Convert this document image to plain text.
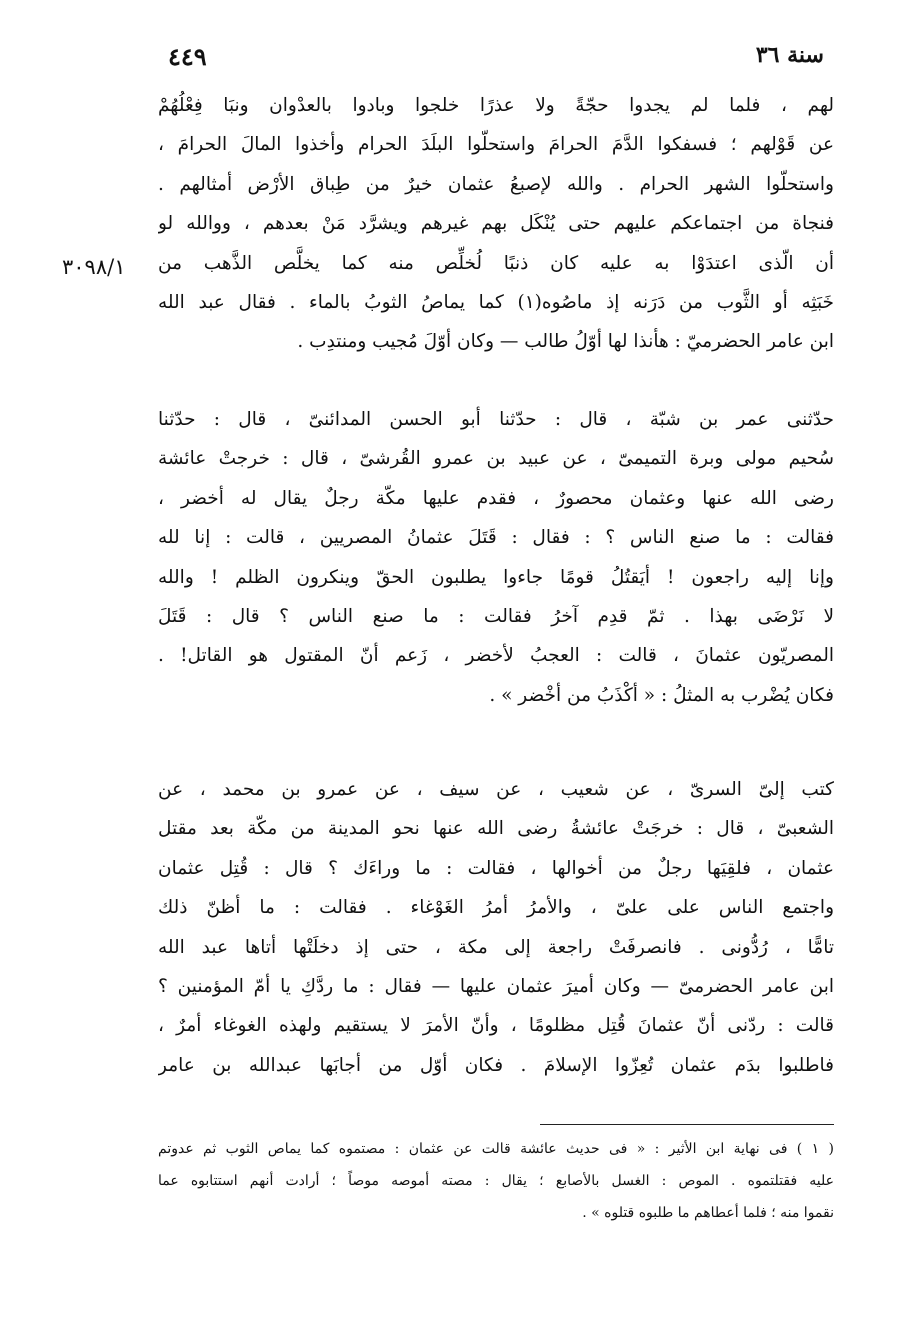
٤٤٩	سنة ٣٦
٣٠٩٨/١
لهم ، فلما لم يجدوا حجّةً ولا عذرًا خلجوا وبادوا بالعدْوان ونبَا فِعْلُهُمْ
عن قَوْلهم ؛ فسفكوا الدَّمَ الحرامَ واستحلّوا البلَدَ الحرام وأخذوا المالَ الحرامَ ،
واستحلّوا الشهر الحرام . والله لإصبعُ عثمان خيرٌ من طِباق الأرْض أمثالهم .
فنجاة من اجتماعكم عليهم حتى يُنْكَل بهم غيرهم ويشرَّد مَنْ بعدهم ، ووالله لو
أن الّذى اعتدَوْا به عليه كان ذنبًا لُخلِّص منه كما يخلَّص الذَّهب من
خَبَثِه أو الثَّوب من دَرَنه إذ ماصُوه(١) كما يماصُ الثوبُ بالماء . فقال عبد الله
ابن عامر الحضرميّ : هأنذا لها أوّلُ طالب — وكان أوّلَ مُجيب ومنتدِب .
حدّثنى عمر بن شبّة ، قال : حدّثنا أبو الحسن المدائنىّ ، قال : حدّثنا
سُحيم مولى وبرة التميمىّ ، عن عبيد بن عمرو القُرشىّ ، قال : خرجتْ عائشة
رضى الله عنها وعثمان محصورٌ ، فقدم عليها مكّة رجلٌ يقال له أخضر ،
فقالت : ما صنع الناس ؟ : فقال : قَتَلَ عثمانُ المصريين ، قالت : إنا لله
وإنا إليه راجعون ! أيَقتُلُ قومًا جاءوا يطلبون الحقّ وينكرون الظلم ! والله
لا نَرْضَى بهذا . ثمّ قدِم آخرُ فقالت : ما صنع الناس ؟ قال : قَتَلَ
المصريّون عثمانَ ، قالت : العجبُ لأخضر ، زَعم أنّ المقتول هو القاتل! .
فكان يُضْرب به المثلُ : « أكْذَبُ من أخْضر » .
كتب إلىّ السرىّ ، عن شعيب ، عن سيف ، عن عمرو بن محمد ، عن
الشعبىّ ، قال : خرجَتْ عائشةُ رضى الله عنها نحو المدينة من مكّة بعد مقتل
عثمان ، فلقِيَها رجلٌ من أخوالها ، فقالت : ما وراءَك ؟ قال : قُتِل عثمان
واجتمع الناس على علىّ ، والأمرُ أمرُ الغَوْغاء . فقالت : ما أظنّ ذلك
تامًّا ، رُدُّونى . فانصرفَتْ راجعة إلى مكة ، حتى إذ دخلَتْها أتاها عبد الله
ابن عامر الحضرمىّ — وكان أميرَ عثمان عليها — فقال : ما ردَّكِ يا أمّ المؤمنين ؟
قالت : ردّنى أنّ عثمانَ قُتِل مظلومًا ، وأنّ الأمرَ لا يستقيم ولهذه الغوغاء أمرٌ ،
فاطلبوا بدَم عثمان تُعِزّوا الإسلامَ . فكان أوّل من أجابَها عبدالله بن عامر
( ١ ) فى نهاية ابن الأثير : « فى حديث عائشة قالت عن عثمان : مصتموه كما يماص الثوب ثم عدوتم
عليه فقتلتموه . الموص : الغسل بالأصابع ؛ يقال : مصته أموصه موصاً ؛ أرادت أنهم استتابوه عما
نقموا منه ؛ فلما أعطاهم ما طلبوه قتلوه » .
